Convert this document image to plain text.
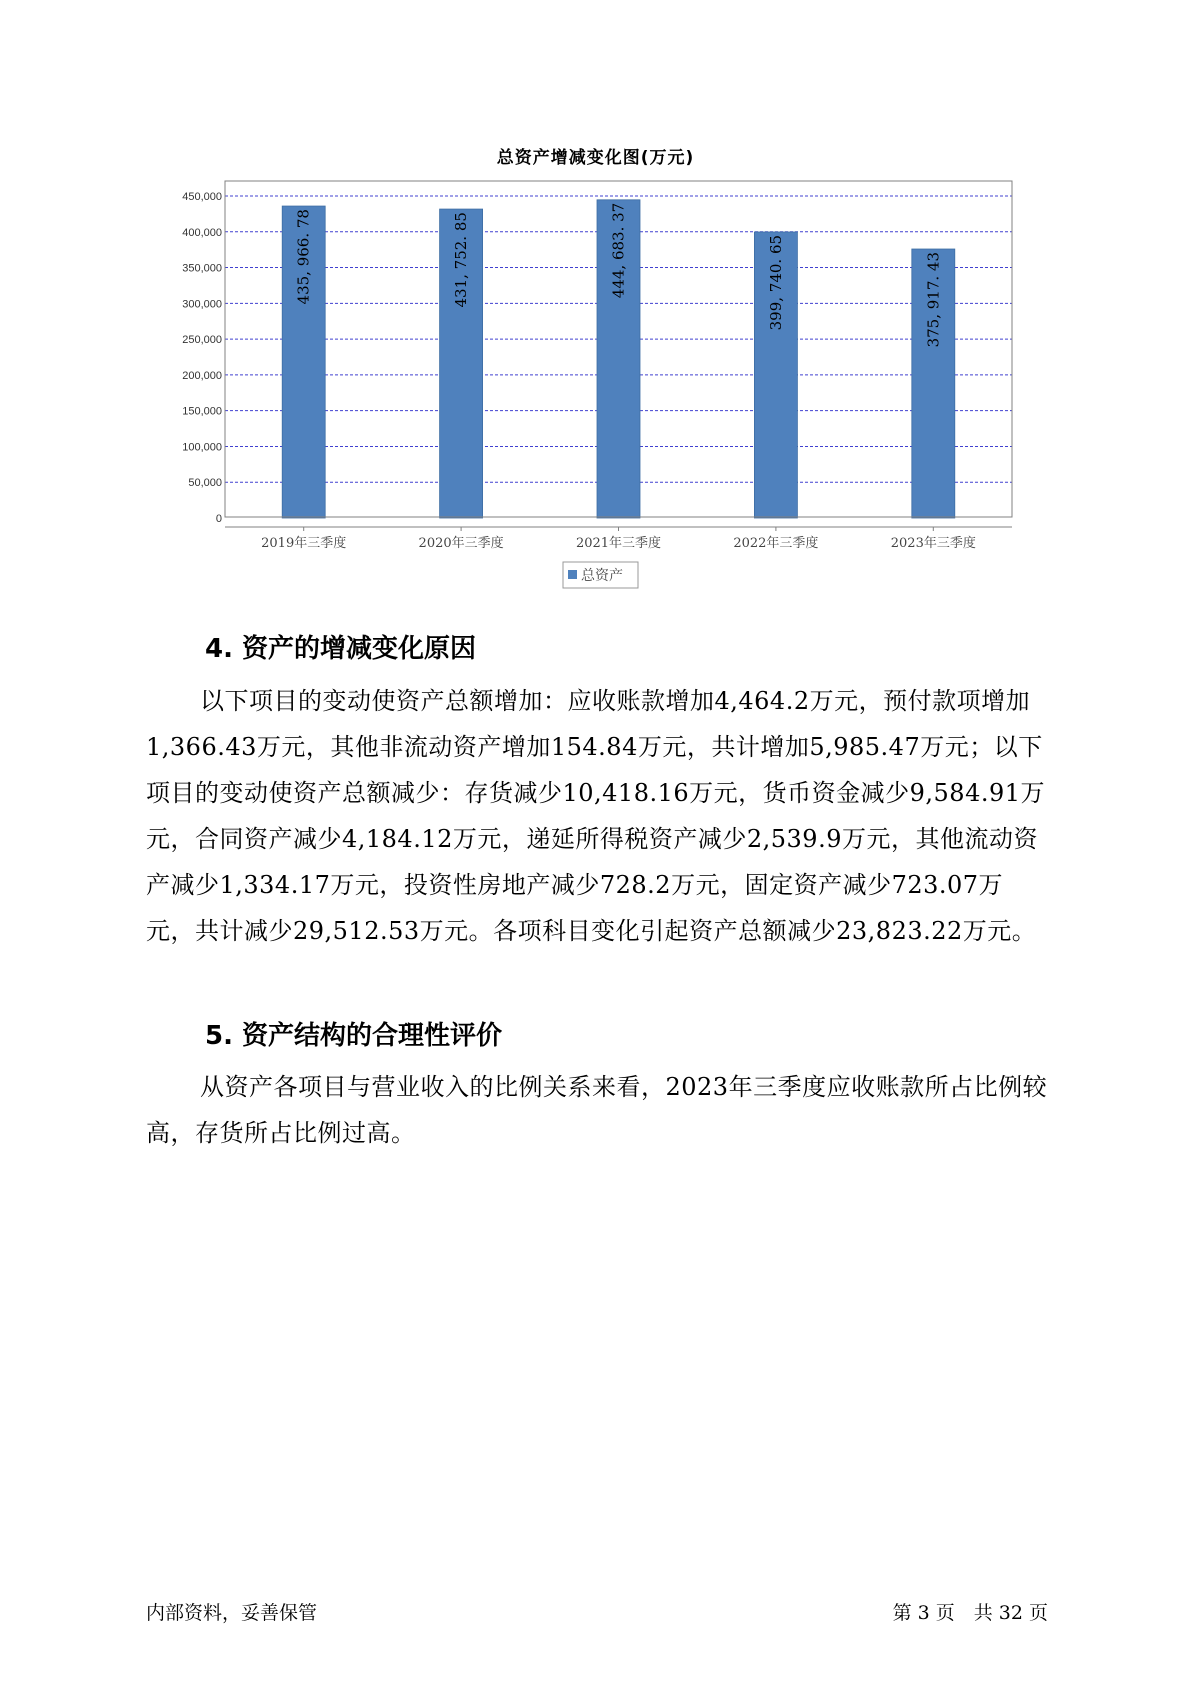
总资产增减变化图(万元)
0
50,000
100,000
150,000
200,000
250,000
300,000
350,000
400,000
450,000
2019年三季度	2020年三季度	2021年三季度	2022年三季度	2023年三季度
435, 966. 78	431, 752. 85	444, 683. 37	399, 740. 65	375, 917. 43
总资产
4. 资产的增减变化原因

以下项目的变动使资产总额增加：应收账款增加4,464.2万元，预付款项增加1,366.43万元，其他非流动资产增加154.84万元，共计增加5,985.47万元；以下项目的变动使资产总额减少：存货减少10,418.16万元，货币资金减少9,584.91万元，合同资产减少4,184.12万元，递延所得税资产减少2,539.9万元，其他流动资产减少1,334.17万元，投资性房地产减少728.2万元，固定资产减少723.07万元，共计减少29,512.53万元。各项科目变化引起资产总额减少23,823.22万元。

5. 资产结构的合理性评价

从资产各项目与营业收入的比例关系来看，2023年三季度应收账款所占比例较高，存货所占比例过高。

内部资料，妥善保管	第 3 页　共 32 页
